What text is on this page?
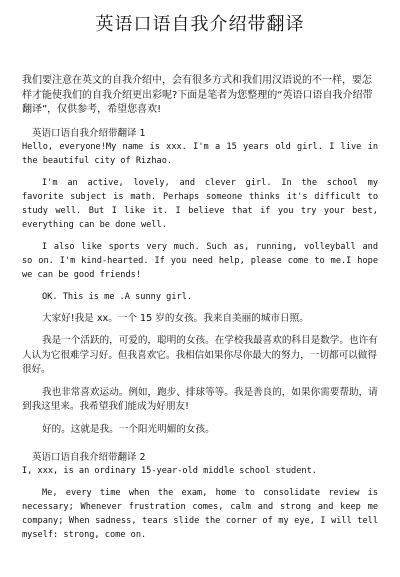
英语口语自我介绍带翻译

我们要注意在英文的自我介绍中，会有很多方式和我们用汉语说的不一样，要怎样才能使我们的自我介绍更出彩呢?下面是笔者为您整理的“英语口语自我介绍带翻译”，仅供参考，希望您喜欢!

英语口语自我介绍带翻译 1

Hello, everyone!My name is xxx. I'm a 15 years old girl. I live in the beautiful city of Rizhao.

I'm an active, lovely, and clever girl. In the school my favorite subject is math. Perhaps someone thinks it's difficult to study well. But I like it. I believe that if you try your best, everything can be done well.

I also like sports very much. Such as, running, volleyball and so on. I'm kind-hearted. If you need help, please come to me.I hope we can be good friends!

OK. This is me .A sunny girl.

大家好!我是 xx。一个 15 岁的女孩。我来自美丽的城市日照。

我是一个活跃的，可爱的，聪明的女孩。在学校我最喜欢的科目是数学。也许有人认为它很难学习好。但我喜欢它。我相信如果你尽你最大的努力，一切都可以做得很好。

我也非常喜欢运动。例如，跑步、排球等等。我是善良的，如果你需要帮助，请到我这里来。我希望我们能成为好朋友!

好的。这就是我。一个阳光明媚的女孩。

英语口语自我介绍带翻译 2

I, xxx, is an ordinary 15-year-old middle school student.

Me, every time when the exam, home to consolidate review is necessary; Whenever frustration comes, calm and strong and keep me company; When sadness, tears slide the corner of my eye, I will tell myself: strong, come on.
